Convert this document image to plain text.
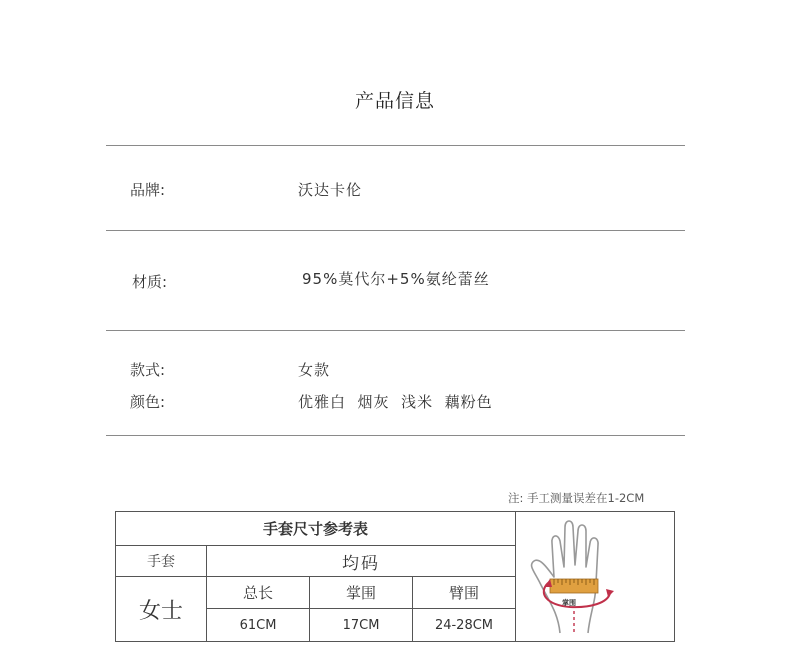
产品信息
品牌:	沃达卡伦
材质:	95%莫代尔+5%氨纶蕾丝
款式:	女款
颜色:	优雅白  烟灰  浅米  藕粉色
注: 手工测量误差在1-2CM
手套尺寸参考表				掌围

手套	均码			
女士	总长	掌围	臂围	
	61CM	17CM	24-28CM	
